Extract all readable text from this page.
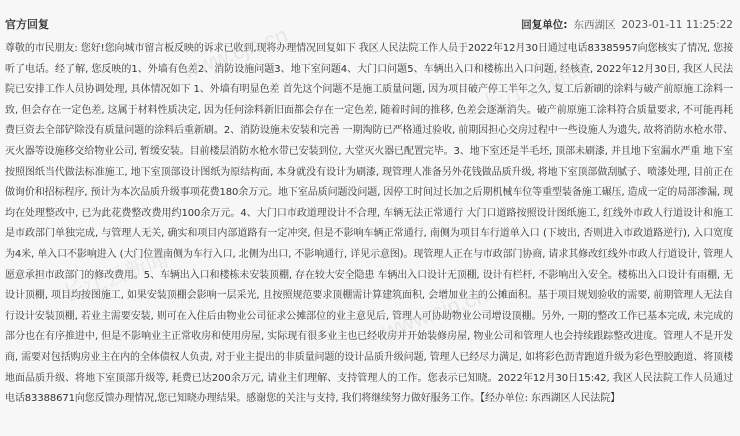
官方回复	回复单位: 东西湖区 2023-01-11 11:25:22

尊敬的市民朋友: 您好!您向城市留言板反映的诉求已收到,现将办理情况回复如下 我区人民法院工作人员于2022年12月30日通过电话83385957向您核实了情况, 您接听了电话。经了解, 您反映的1、外墙有色差2、消防设施问题3、地下室问题4、大门口问题5、车辆出入口和楼栋出入口问题, 经核查, 2022年12月30日, 我区人民法院已安排工作人员协调处理, 具体情况如下 1、外墙有明显色差 首先这个问题不是施工质量问题, 因为项目破产停工半年之久, 复工后新刷的涂料与破产前原施工涂料一致, 但会存在一定色差, 这属于材料性质决定, 因为任何涂料新旧面都会存在一定色差, 随着时间的推移, 色差会逐渐消失。破产前原施工涂料符合质量要求, 不可能再耗费巨资去全部铲除没有质量问题的涂料后重新刷。2、消防设施未安装和完善 一期淘防已严格通过验收, 前期因担心交房过程中一些设施人为遗失, 故将消防水枪水带、灭火器等设施移交给物业公司, 暂缓安装。目前楼层消防水枪水带已安装到位, 大堂灭火器已配置完毕。3、地下室还是半毛坯, 顶部未刷漆, 并且地下室漏水严重 地下室按照图纸当代做法标准施工, 地下室顶部设计图纸为原结构面, 本身就没有设计为刷漆, 现管理人准备另外花钱做品质升级, 将地下室顶部做刮腻子、喷漆处理, 目前正在做询价和招标程序, 预计为本次品质升级事项花费180余万元。地下室品质问题没问题, 因停工时间过长加之后期机械车位等重型装备施工碾压, 造成一定的局部渗漏, 现均在处理整改中, 已为此花费整改费用约100余万元。4、大门口市政道理设计不合理, 车辆无法正常通行 大门口道路按照设计图纸施工, 红线外市政人行道设计和施工是市政部门单独完成, 与管理人无关, 确实和项目内部道路有一定冲突, 但是不影响车辆正常通行, 南侧为项目车行道单入口 (下坡出, 否则进入市政道路逆行), 入口宽度为4米, 单入口不影响进入 (大门位置南侧为车行入口, 北侧为出口, 不影响通行, 详见示意图)。现管理人正在与市政部门协商, 请求其修改红线外市政人行道设计, 管理人愿意承担市政部门的修改费用。5、车辆出入口和楼栋未安装顶棚, 存在较大安全隐患 车辆出入口设计无顶棚, 设计有栏杆, 不影响出入安全。楼栋出入口设计有雨棚, 无设计顶棚, 项目均按图施工, 如果安装顶棚会影响一层采光, 且按照规范要求顶棚需计算建筑面积, 会增加业主的公摊面积。基于项目规划验收的需要, 前期管理人无法自行设计安装顶棚, 若业主需要安装, 则可在入住后由物业公司征求公摊部位的业主意见后, 管理人可协助物业公司增设顶棚。另外, 一期的整改工作已基本完成, 未完成的部分也在有序推进中, 但是不影响业主正常收房和使用房屋, 实际现有很多业主也已经收房并开始装修房屋, 物业公司和管理人也会持续跟踪整改进度。管理人不是开发商, 需要对包括购房业主在内的全体债权人负责, 对于业主提出的非质量问题的设计品质升级问题, 管理人已经尽力满足, 如将彩色沥青跑道升级为彩色塑胶跑道、将顶楼地面品质升级、将地下室顶部升级等, 耗费已达200余万元, 请业主们理解、支持管理人的工作。您表示已知晓。2022年12月30日15:42, 我区人民法院工作人员通过电话83388671向您反馈办理情况,您已知晓办理结果。感谢您的关注与支持, 我们将继续努力做好服务工作。【经办单位: 东西湖区人民法院】

www.cjn.cn
长江云新闻
长江云新闻
www.cjn.cn
